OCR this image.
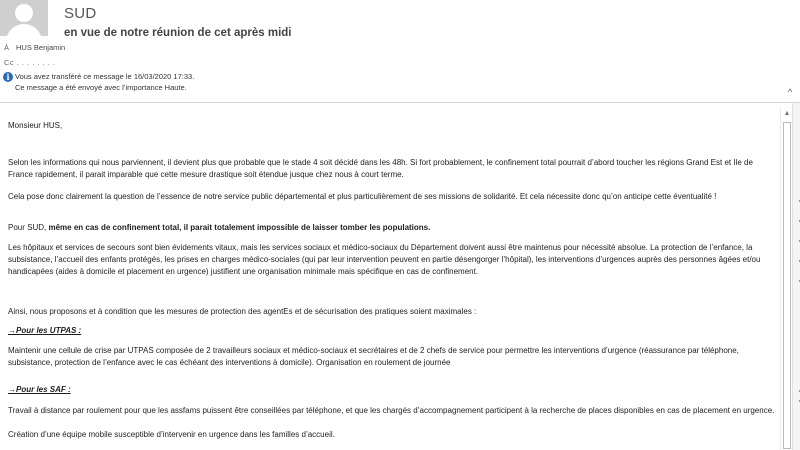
SUD
en vue de notre réunion de cet après midi
À HUS Benjamin
Cc . . . . . . . .
i Vous avez transféré ce message le 16/03/2020 17:33.
Ce message a été envoyé avec l’importance Haute.	^

Monsieur HUS,

Selon les informations qui nous parviennent, il devient plus que probable que le stade 4 soit décidé dans les 48h. Si fort probablement, le confinement total pourrait d’abord toucher les régions Grand Est et Ile de France rapidement, il parait imparable que cette mesure drastique soit étendue jusque chez nous à court terme.

Cela pose donc clairement la question de l’essence de notre service public départemental et plus particulièrement de ses missions de solidarité. Et cela nécessite donc qu’on anticipe cette éventualité !

Pour SUD, même en cas de confinement total, il parait totalement impossible de laisser tomber les populations.

Les hôpitaux et services de secours sont bien évidements vitaux, mais les services sociaux et médico-sociaux du Département doivent aussi être maintenus pour nécessité absolue. La protection de l’enfance, la subsistance, l’accueil des enfants protégés, les prises en charges médico-sociales (qui par leur intervention peuvent en partie désengorger l’hôpital), les interventions d’urgences auprès des personnes âgées et/ou handicapées (aides à domicile et placement en urgence) justifient une organisation minimale mais spécifique en cas de confinement.

Ainsi, nous proposons et à condition que les mesures de protection des agentEs et de sécurisation des pratiques soient maximales :

→Pour les UTPAS :

Maintenir une cellule de crise par UTPAS composée de 2 travailleurs sociaux et médico-sociaux et secrétaires et de 2 chefs de service pour permettre les interventions d’urgence (réassurance par téléphone, subsistance, protection de l’enfance avec le cas échéant des interventions à domicile). Organisation en roulement de journée

→Pour les SAF :

Travail à distance par roulement pour que les assfams puissent être conseillées par téléphone, et que les chargés d’accompagnement participent à la recherche de places disponibles en cas de placement en urgence.

Création d’une équipe mobile susceptible d’intervenir en urgence dans les familles d’accueil.

▲
